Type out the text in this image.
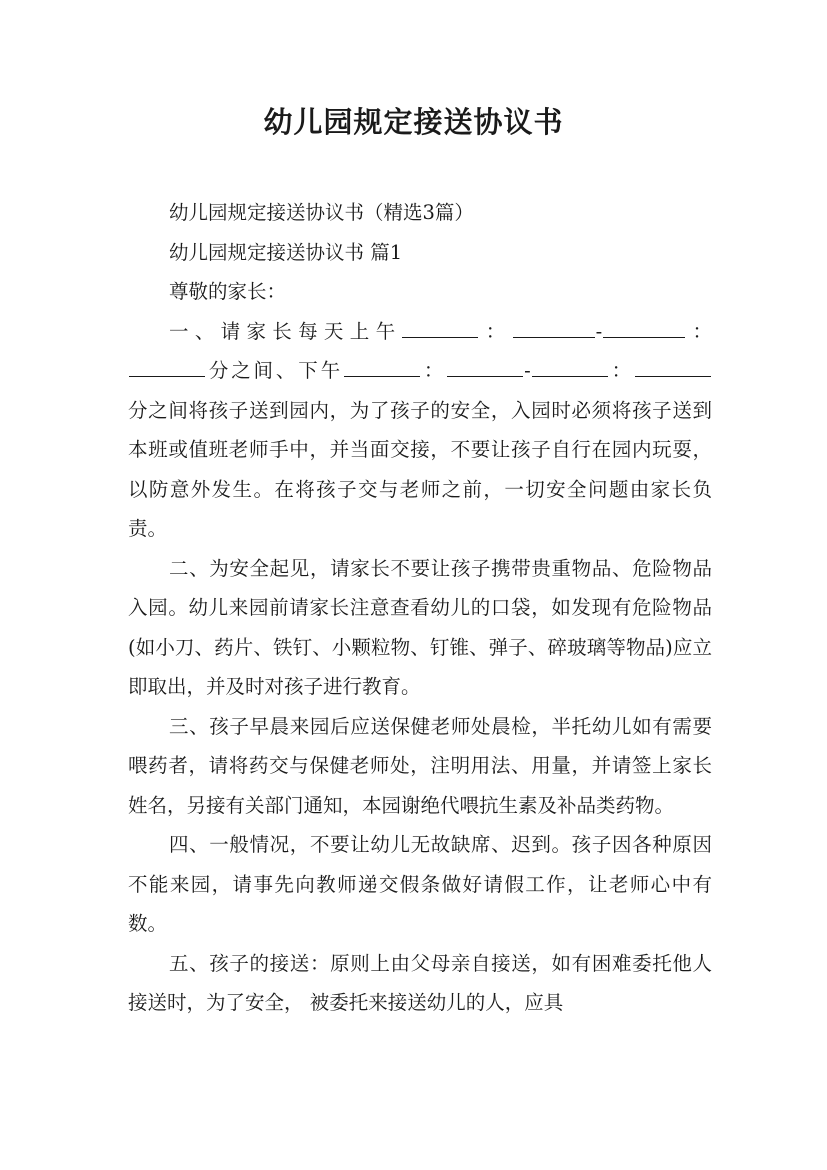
幼儿园规定接送协议书

幼儿园规定接送协议书（精选3篇）

幼儿园规定接送协议书 篇1

尊敬的家长：

一、请家长每天上午	：	-	：

分之间、下午	：	-	：

分之间将孩子送到园内，为了孩子的安全，入园时必须将孩子送到本班或值班老师手中，并当面交接，不要让孩子自行在园内玩耍，以防意外发生。在将孩子交与老师之前，一切安全问题由家长负责。

二、为安全起见，请家长不要让孩子携带贵重物品、危险物品入园。幼儿来园前请家长注意查看幼儿的口袋，如发现有危险物品(如小刀、药片、铁钉、小颗粒物、钉锥、弹子、碎玻璃等物品)应立即取出，并及时对孩子进行教育。

三、孩子早晨来园后应送保健老师处晨检，半托幼儿如有需要喂药者，请将药交与保健老师处，注明用法、用量，并请签上家长姓名，另接有关部门通知，本园谢绝代喂抗生素及补品类药物。

四、一般情况，不要让幼儿无故缺席、迟到。孩子因各种原因不能来园，请事先向教师递交假条做好请假工作，让老师心中有数。

五、孩子的接送：原则上由父母亲自接送，如有困难委托他人接送时，为了安全， 被委托来接送幼儿的人，应具
